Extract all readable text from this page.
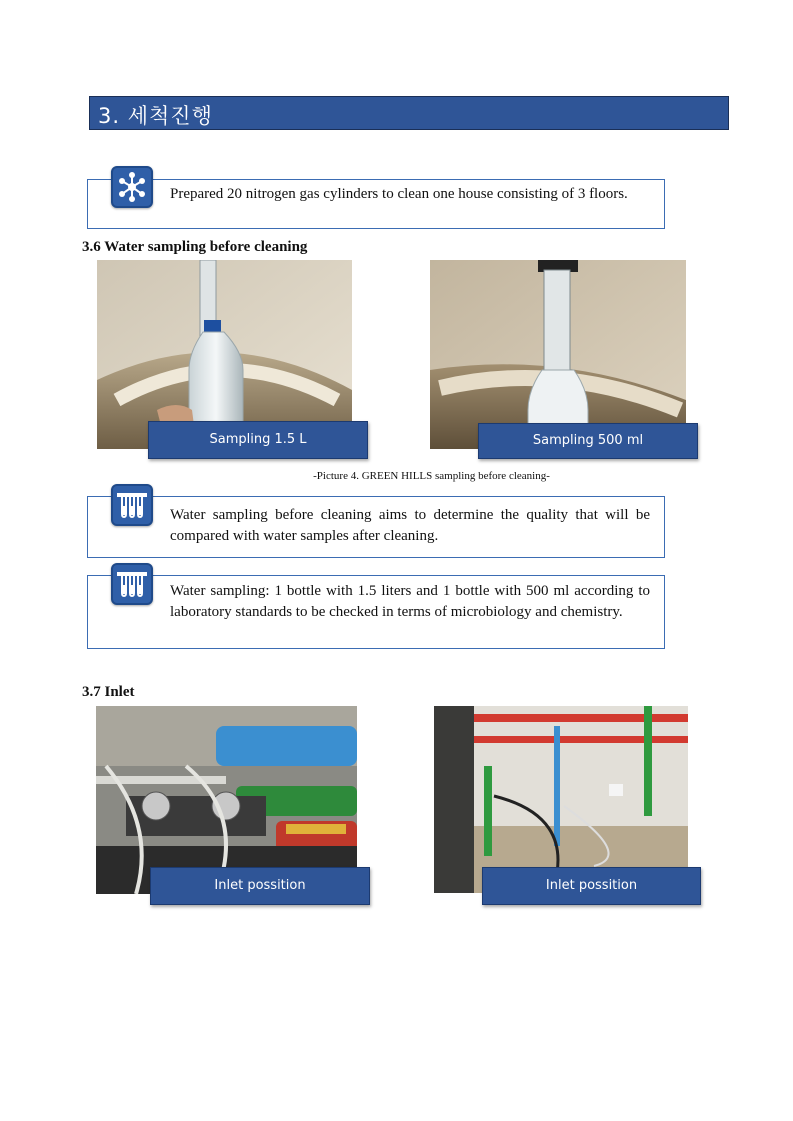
3. 세척진행
Prepared 20 nitrogen gas cylinders to clean one house consisting of 3 floors.
3.6 Water sampling before cleaning
Sampling 1.5 L	Sampling 500 ml
-Picture 4. GREEN HILLS sampling before cleaning-
Water sampling before cleaning aims to determine the quality that will be compared with water samples after cleaning.
Water sampling: 1 bottle with 1.5 liters and 1 bottle with 500 ml according to laboratory standards to be checked in terms of microbiology and chemistry.
3.7 Inlet
Inlet possition	Inlet possition
